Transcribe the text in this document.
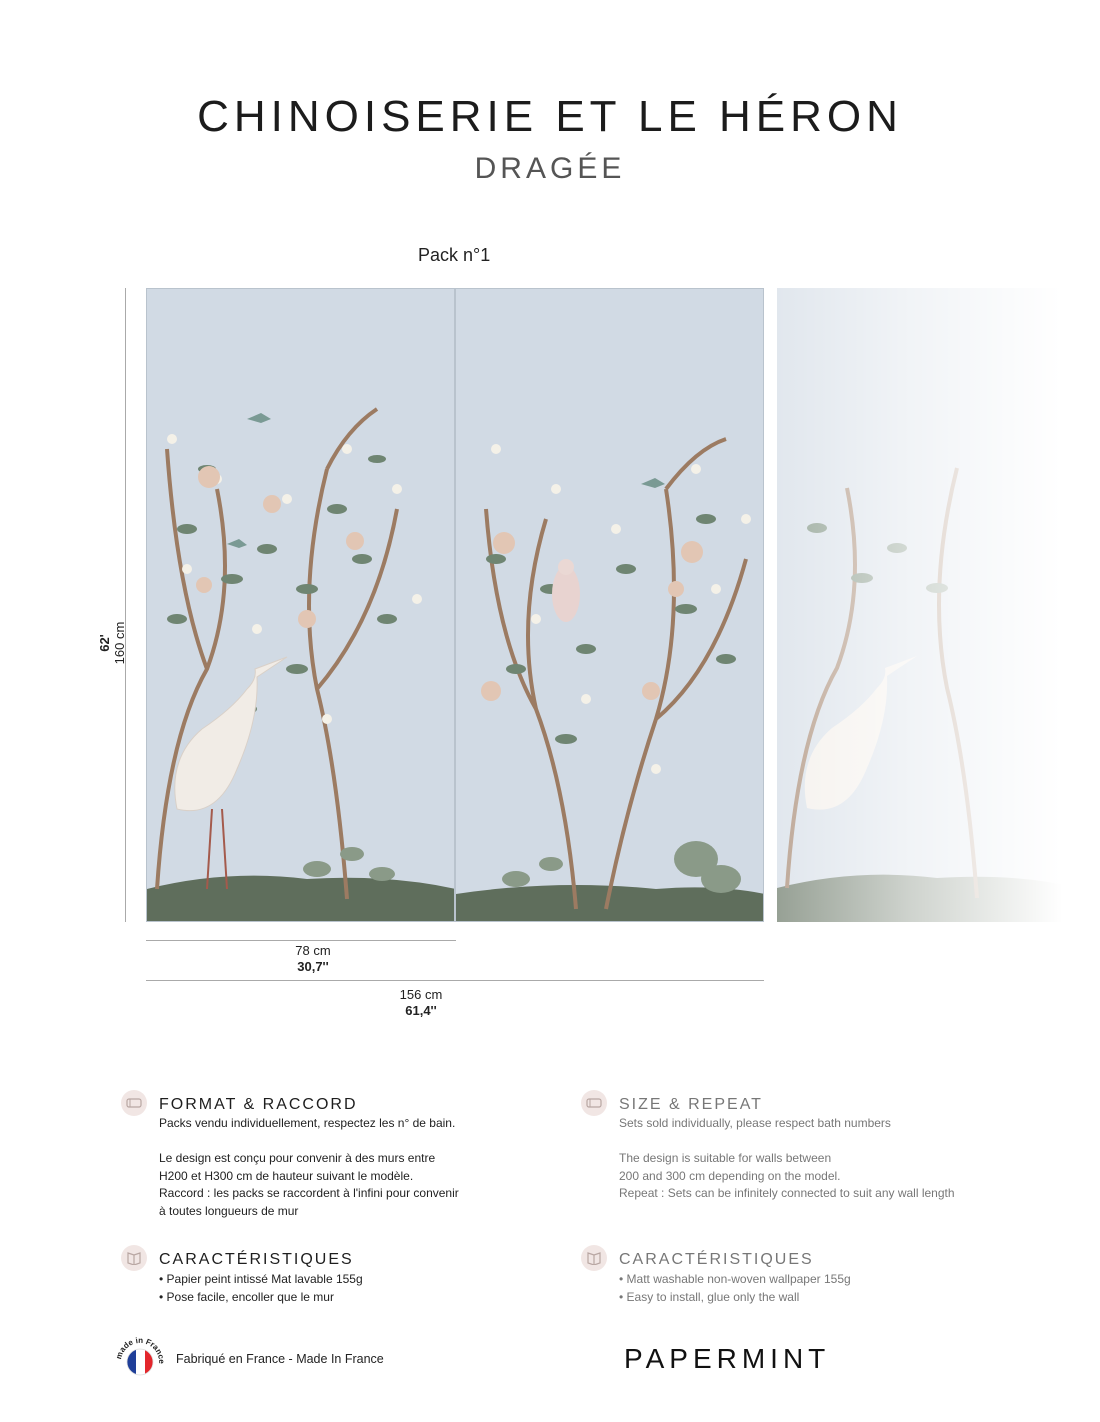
CHINOISERIE ET LE HÉRON
DRAGÉE
Pack n°1
62' 160 cm
78 cm
30,7''
156 cm
61,4''
FORMAT & RACCORD

Packs vendu individuellement, respectez les n° de bain.

Le design est conçu pour convenir à des murs entre

H200 et H300 cm de hauteur suivant le modèle.

Raccord : les packs se raccordent à l'infini pour convenir

à toutes longueurs de mur

SIZE & REPEAT

Sets sold individually, please respect bath numbers

The design is suitable for walls between

200 and 300 cm depending on the model.

Repeat : Sets can be infinitely connected to suit any wall length

CARACTÉRISTIQUES

• Papier peint intissé Mat lavable 155g

• Pose facile, encoller que le mur

CARACTÉRISTIQUES

• Matt washable non-woven wallpaper 155g

• Easy to install, glue only the wall

made in France Fabriqué en France - Made In France	PAPERMINT
